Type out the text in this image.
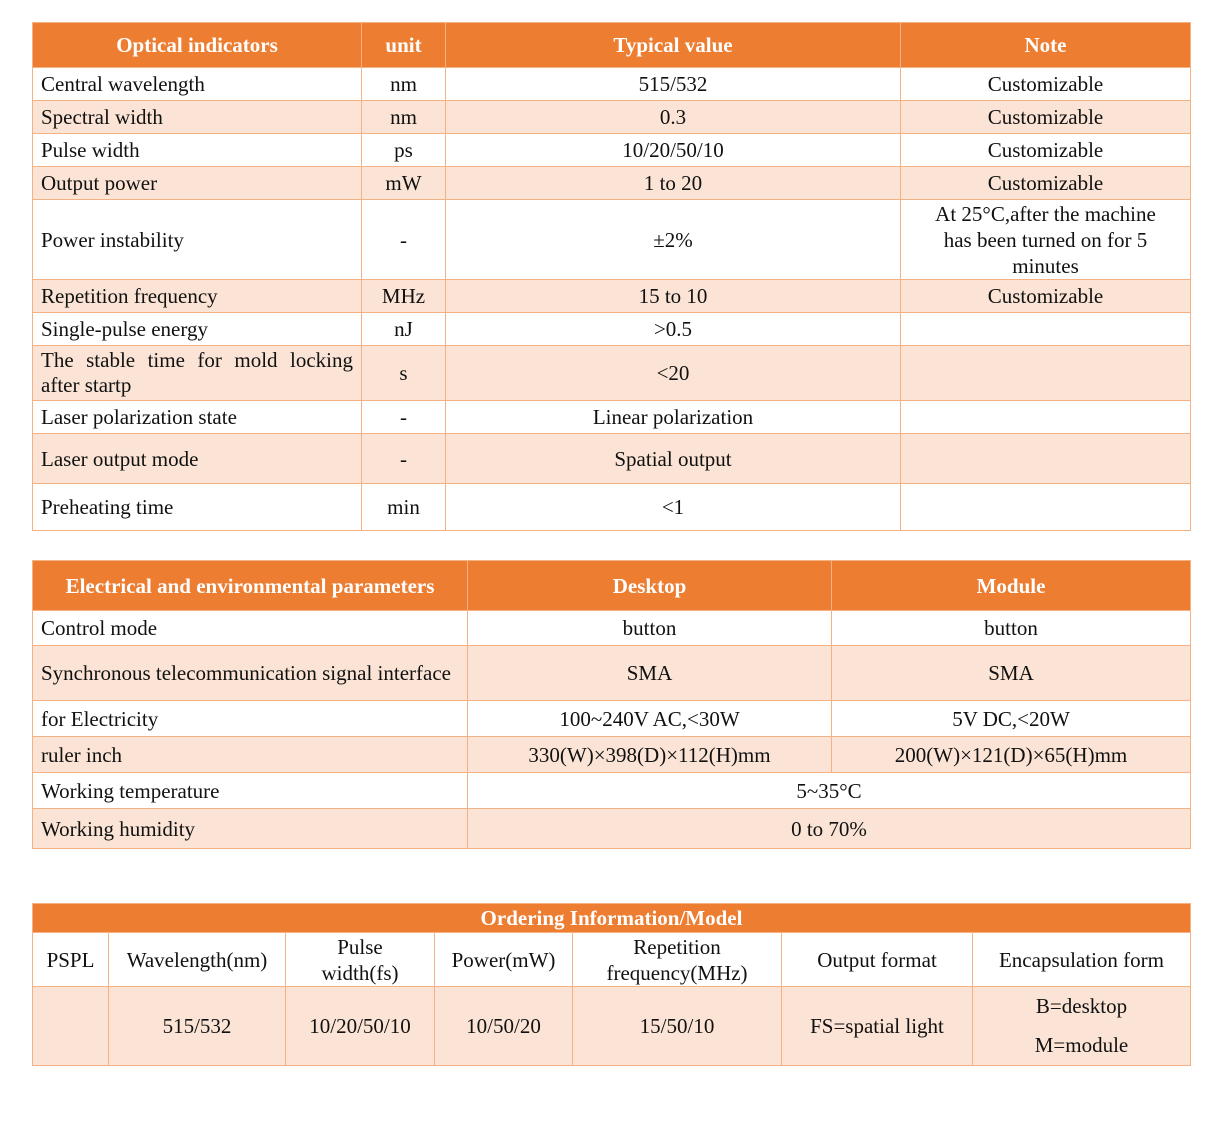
Optical indicators	unit	Typical value	Note
Central wavelength	nm	515/532	Customizable
Spectral width	nm	0.3	Customizable
Pulse width	ps	10/20/50/10	Customizable
Output power	mW	1 to 20	Customizable
Power instability	-	±2%	At 25°C,after the machine has been turned on for 5 minutes
Repetition frequency	MHz	15 to 10	Customizable
Single-pulse energy	nJ	>0.5	
The stable time for mold locking after startp	s	<20	
Laser polarization state	-	Linear polarization	
Laser output mode	-	Spatial output	
Preheating time	min	<1	
Electrical and environmental parameters	Desktop	Module
Control mode	button	button
Synchronous telecommunication signal interface	SMA	SMA
for Electricity	100~240V AC,<30W	5V DC,<20W
ruler inch	330(W)×398(D)×112(H)mm	200(W)×121(D)×65(H)mm
Working temperature	5~35°C	
Working humidity	0 to 70%	
Ordering Information/Model						
PSPL	Wavelength(nm)	Pulse width(fs)	Power(mW)	Repetition frequency(MHz)	Output format	Encapsulation form
	515/532	10/20/50/10	10/50/20	15/50/10	FS=spatial light	B=desktop
M=module
